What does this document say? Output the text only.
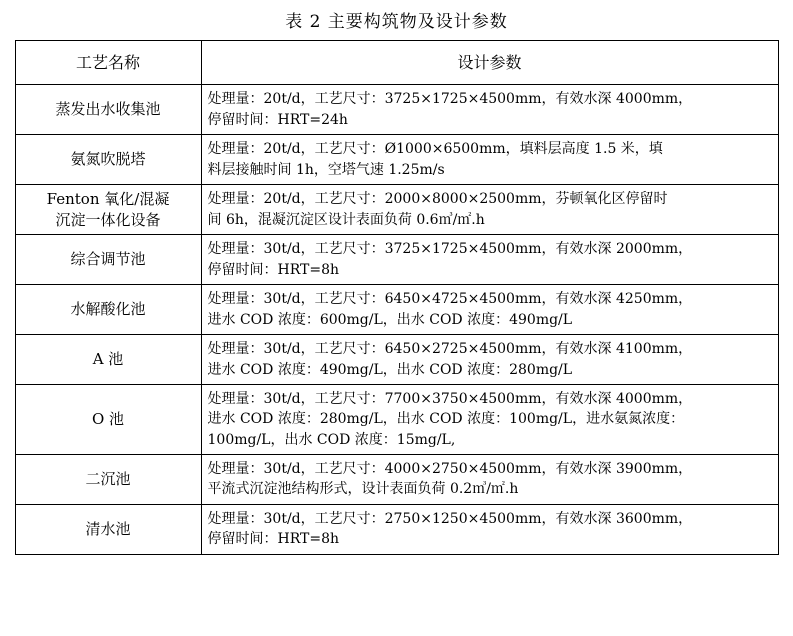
表 2 主要构筑物及设计参数
工艺名称	设计参数

蒸发出水收集池	处理量：20t/d，工艺尺寸：3725×1725×4500mm，有效水深 4000mm，
停留时间：HRT=24h

氨氮吹脱塔	处理量：20t/d，工艺尺寸：Ø1000×6500mm，填料层高度 1.5 米，填
料层接触时间 1h，空塔气速 1.25m/s

Fenton 氧化/混凝
沉淀一体化设备	处理量：20t/d，工艺尺寸：2000×8000×2500mm，芬顿氧化区停留时
间 6h，混凝沉淀区设计表面负荷 0.6㎥/㎡.h

综合调节池	处理量：30t/d，工艺尺寸：3725×1725×4500mm，有效水深 2000mm，
停留时间：HRT=8h

水解酸化池	处理量：30t/d，工艺尺寸：6450×4725×4500mm，有效水深 4250mm，
进水 COD 浓度：600mg/L，出水 COD 浓度：490mg/L

A 池	处理量：30t/d，工艺尺寸：6450×2725×4500mm，有效水深 4100mm，
进水 COD 浓度：490mg/L，出水 COD 浓度：280mg/L

O 池	处理量：30t/d，工艺尺寸：7700×3750×4500mm，有效水深 4000mm，
进水 COD 浓度：280mg/L，出水 COD 浓度：100mg/L，进水氨氮浓度：
100mg/L，出水 COD 浓度：15mg/L,

二沉池	处理量：30t/d，工艺尺寸：4000×2750×4500mm，有效水深 3900mm，
平流式沉淀池结构形式，设计表面负荷 0.2㎥/㎡.h

清水池	处理量：30t/d，工艺尺寸：2750×1250×4500mm，有效水深 3600mm，
停留时间：HRT=8h
